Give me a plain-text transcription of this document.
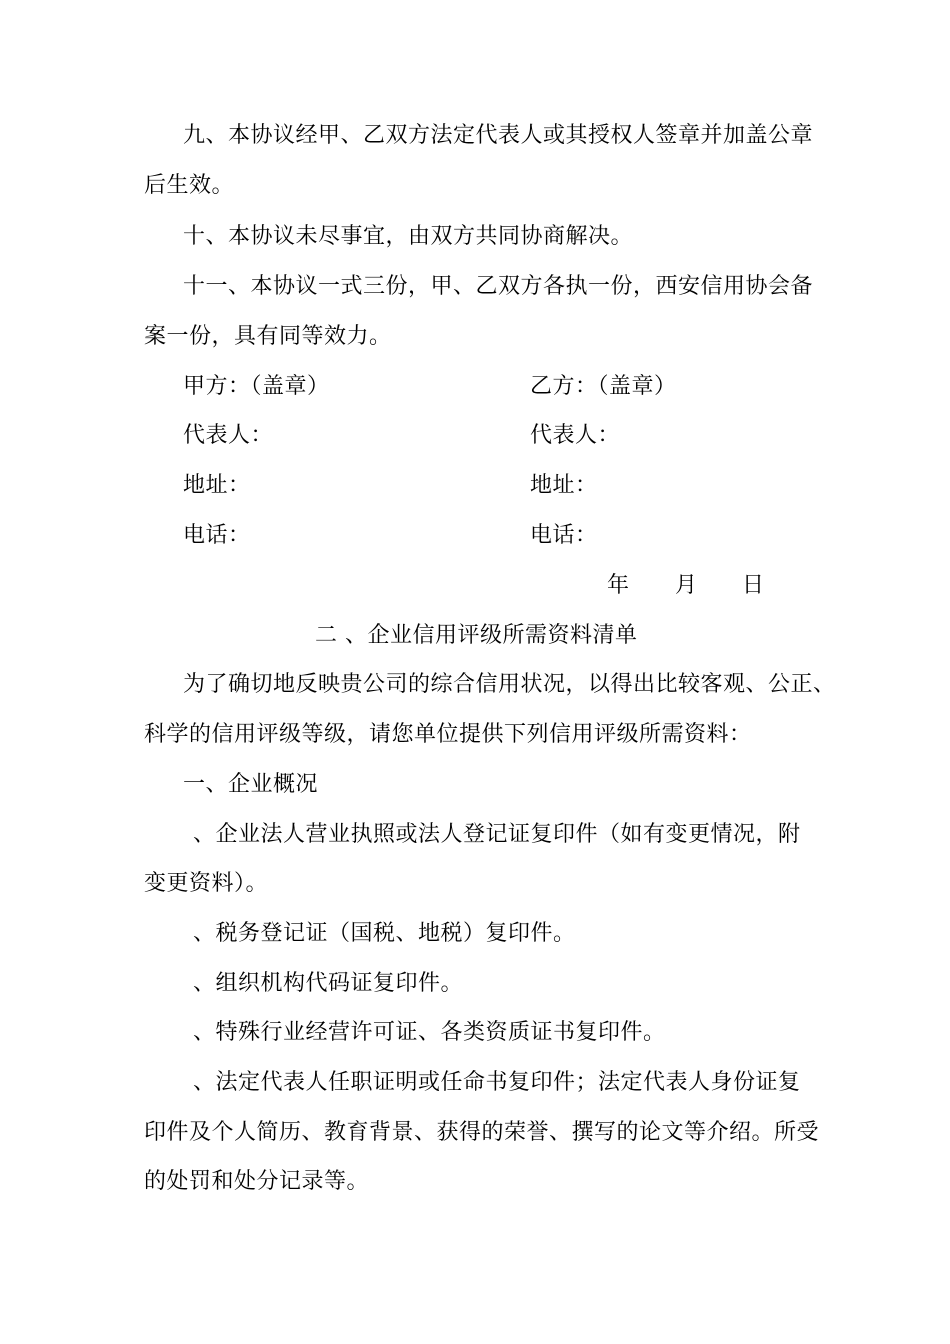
九、本协议经甲、乙双方法定代表人或其授权人签章并加盖公章
后生效。
十、本协议未尽事宜，由双方共同协商解决。
十一、本协议一式三份，甲、乙双方各执一份，西安信用协会备
案一份，具有同等效力。
甲方：（盖章）	乙方：（盖章）
代表人：	代表人：
地址：	地址：
电话：	电话：
年 月 日
二 、企业信用评级所需资料清单
为了确切地反映贵公司的综合信用状况，以得出比较客观、公正、
科学的信用评级等级，请您单位提供下列信用评级所需资料：
一、企业概况
、企业法人营业执照或法人登记证复印件（如有变更情况，附
变更资料）。
、税务登记证（国税、地税）复印件。
、组织机构代码证复印件。
、特殊行业经营许可证、各类资质证书复印件。
、法定代表人任职证明或任命书复印件；法定代表人身份证复
印件及个人简历、教育背景、获得的荣誉、撰写的论文等介绍。所受
的处罚和处分记录等。
